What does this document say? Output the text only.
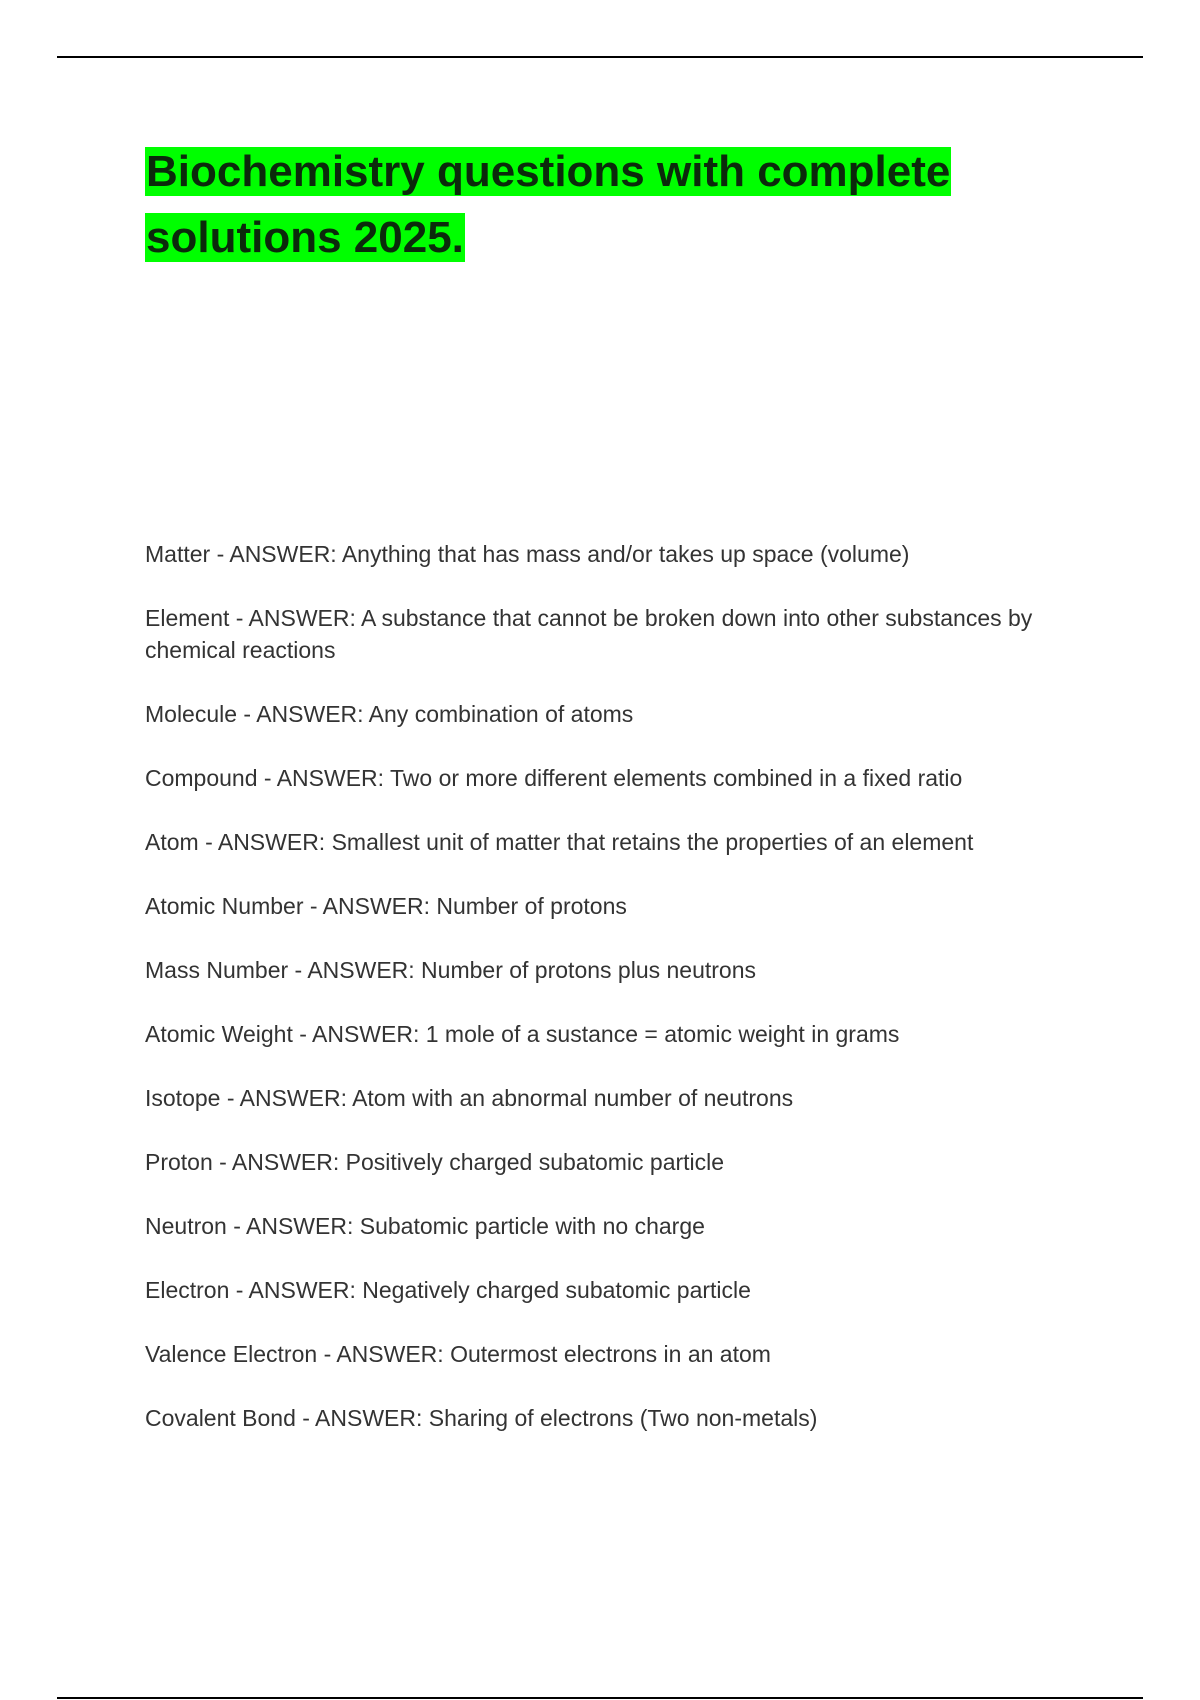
Biochemistry questions with complete solutions 2025.
Matter - ANSWER: Anything that has mass and/or takes up space (volume)
Element - ANSWER: A substance that cannot be broken down into other substances by chemical reactions
Molecule - ANSWER: Any combination of atoms
Compound - ANSWER: Two or more different elements combined in a fixed ratio
Atom - ANSWER: Smallest unit of matter that retains the properties of an element
Atomic Number - ANSWER: Number of protons
Mass Number - ANSWER: Number of protons plus neutrons
Atomic Weight - ANSWER: 1 mole of a sustance = atomic weight in grams
Isotope - ANSWER: Atom with an abnormal number of neutrons
Proton - ANSWER: Positively charged subatomic particle
Neutron - ANSWER: Subatomic particle with no charge
Electron - ANSWER: Negatively charged subatomic particle
Valence Electron - ANSWER: Outermost electrons in an atom
Covalent Bond - ANSWER: Sharing of electrons (Two non-metals)
